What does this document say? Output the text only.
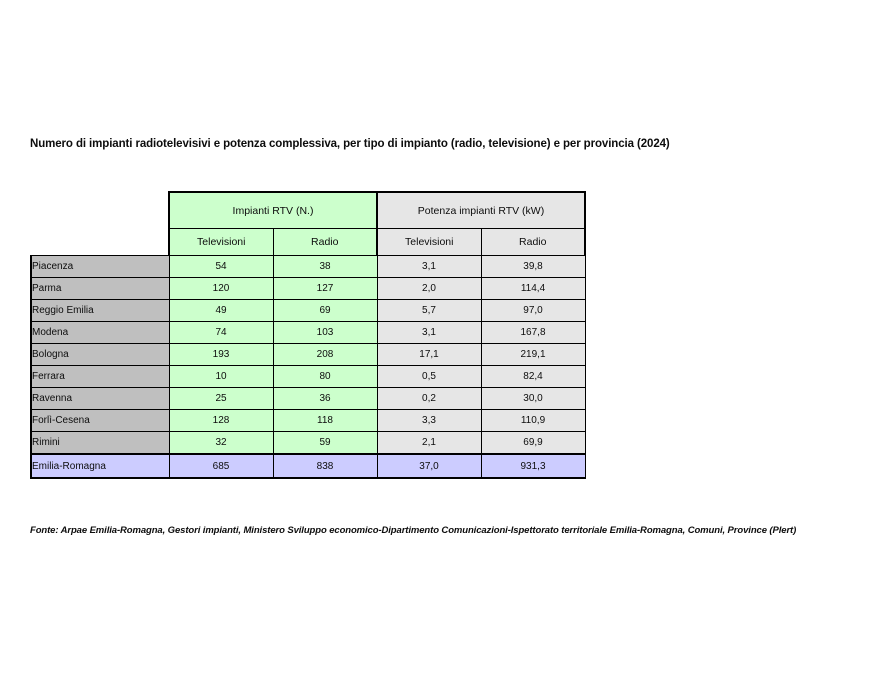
Numero di impianti radiotelevisivi e potenza complessiva, per tipo di impianto (radio, televisione) e per provincia (2024)
	Impianti RTV (N.)		Potenza impianti RTV (kW)	
	Televisioni	Radio	Televisioni	Radio
Piacenza	54	38	3,1	39,8
Parma	120	127	2,0	114,4
Reggio Emilia	49	69	5,7	97,0
Modena	74	103	3,1	167,8
Bologna	193	208	17,1	219,1
Ferrara	10	80	0,5	82,4
Ravenna	25	36	0,2	30,0
Forlì-Cesena	128	118	3,3	110,9
Rimini	32	59	2,1	69,9
Emilia-Romagna	685	838	37,0	931,3
Fonte: Arpae Emilia-Romagna, Gestori impianti, Ministero Sviluppo economico-Dipartimento Comunicazioni-Ispettorato territoriale Emilia-Romagna, Comuni, Province (Plert)
